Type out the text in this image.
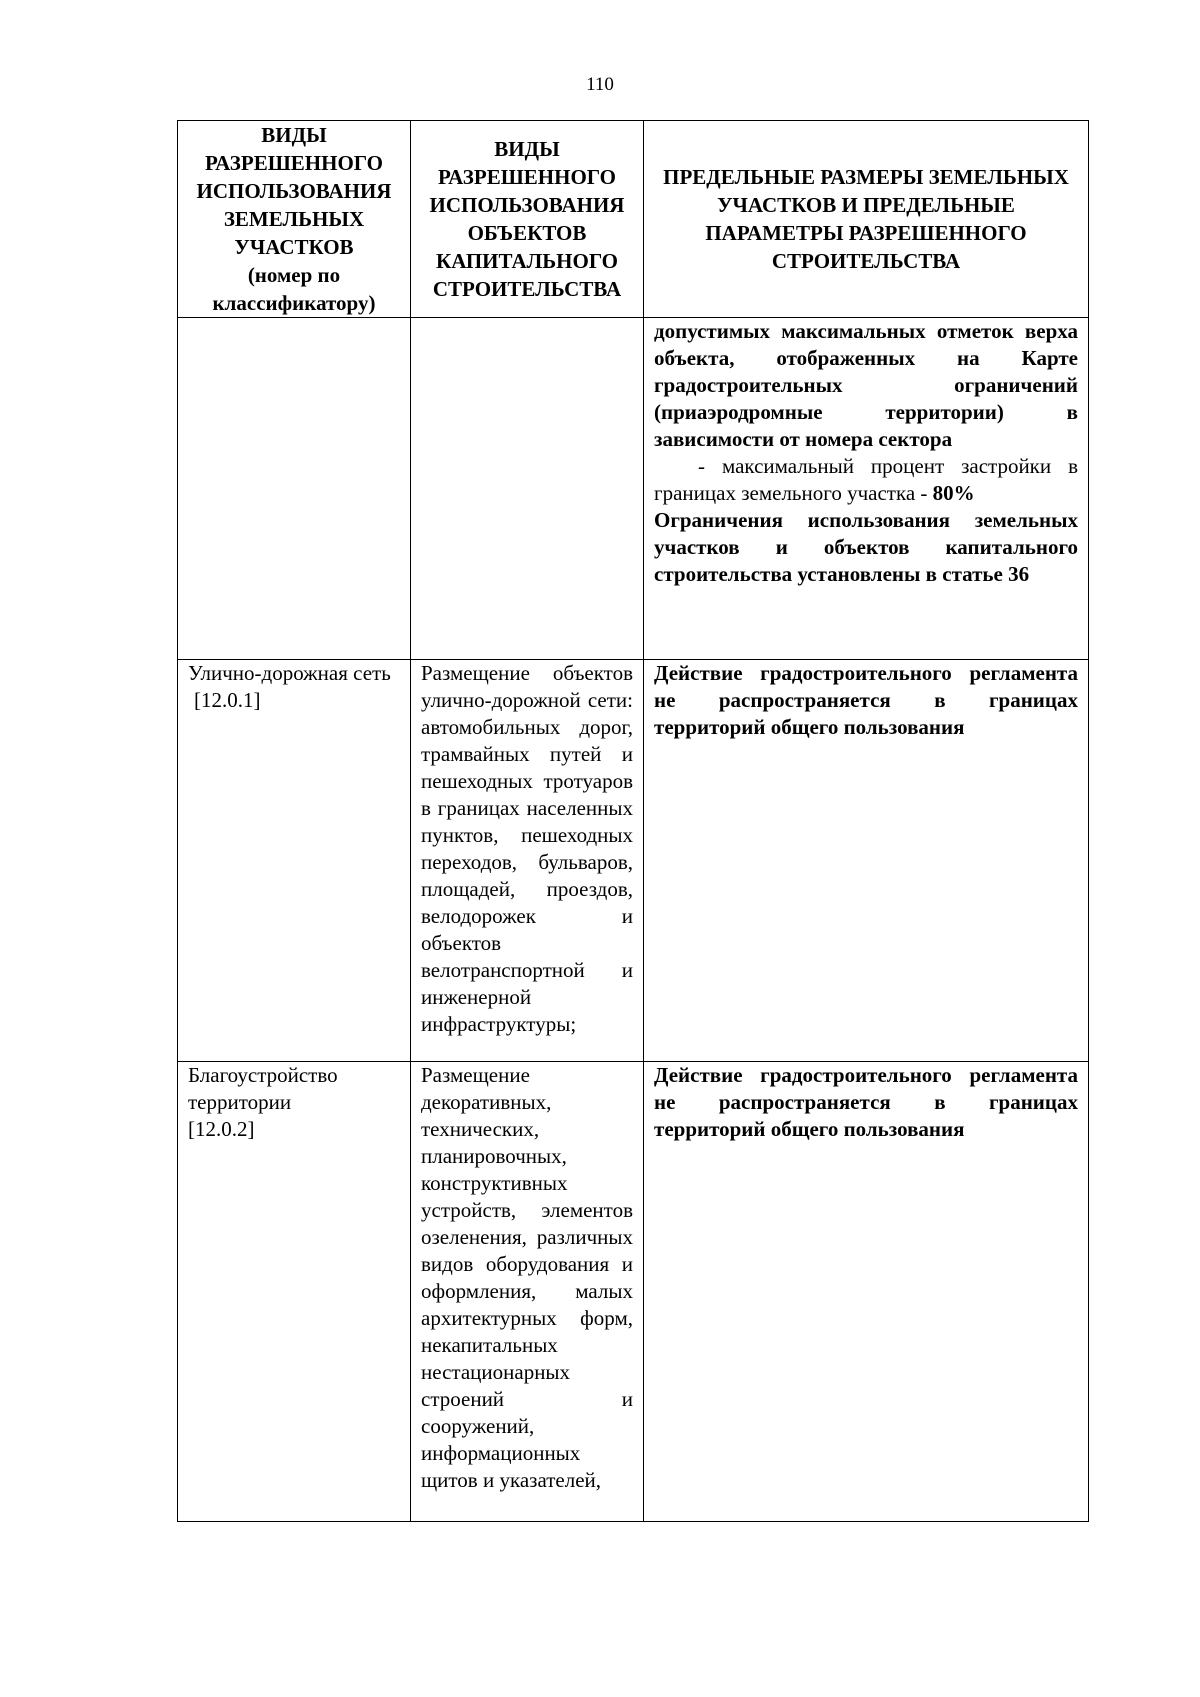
110
ВИДЫ РАЗРЕШЕННОГО ИСПОЛЬЗОВАНИЯ ЗЕМЕЛЬНЫХ УЧАСТКОВ
(номер по классификатору)	ВИДЫ РАЗРЕШЕННОГО ИСПОЛЬЗОВАНИЯ ОБЪЕКТОВ КАПИТАЛЬНОГО СТРОИТЕЛЬСТВА	ПРЕДЕЛЬНЫЕ РАЗМЕРЫ ЗЕМЕЛЬНЫХ УЧАСТКОВ И ПРЕДЕЛЬНЫЕ ПАРАМЕТРЫ РАЗРЕШЕННОГО СТРОИТЕЛЬСТВА

		допустимых максимальных отметок верха объекта, отображенных на Карте градостроительных ограничений (приаэродромные территории) в зависимости от номера сектора
- максимальный процент застройки в границах земельного участка - 80%
Ограничения использования земельных участков и объектов капитального строительства установлены в статье 36

Улично-дорожная сеть
[12.0.1]	Размещение объектов улично-дорожной сети: автомобильных дорог, трамвайных путей и пешеходных тротуаров в границах населенных пунктов, пешеходных переходов, бульваров, площадей, проездов, велодорожек и объектов велотранспортной и инженерной инфраструктуры;	Действие градостроительного регламента не распространяется в границах территорий общего пользования

Благоустройство территории
[12.0.2]	Размещение декоративных, технических, планировочных, конструктивных устройств, элементов озеленения, различных видов оборудования и оформления, малых архитектурных форм, некапитальных нестационарных строений и сооружений, информационных щитов и указателей,	Действие градостроительного регламента не распространяется в границах территорий общего пользования
